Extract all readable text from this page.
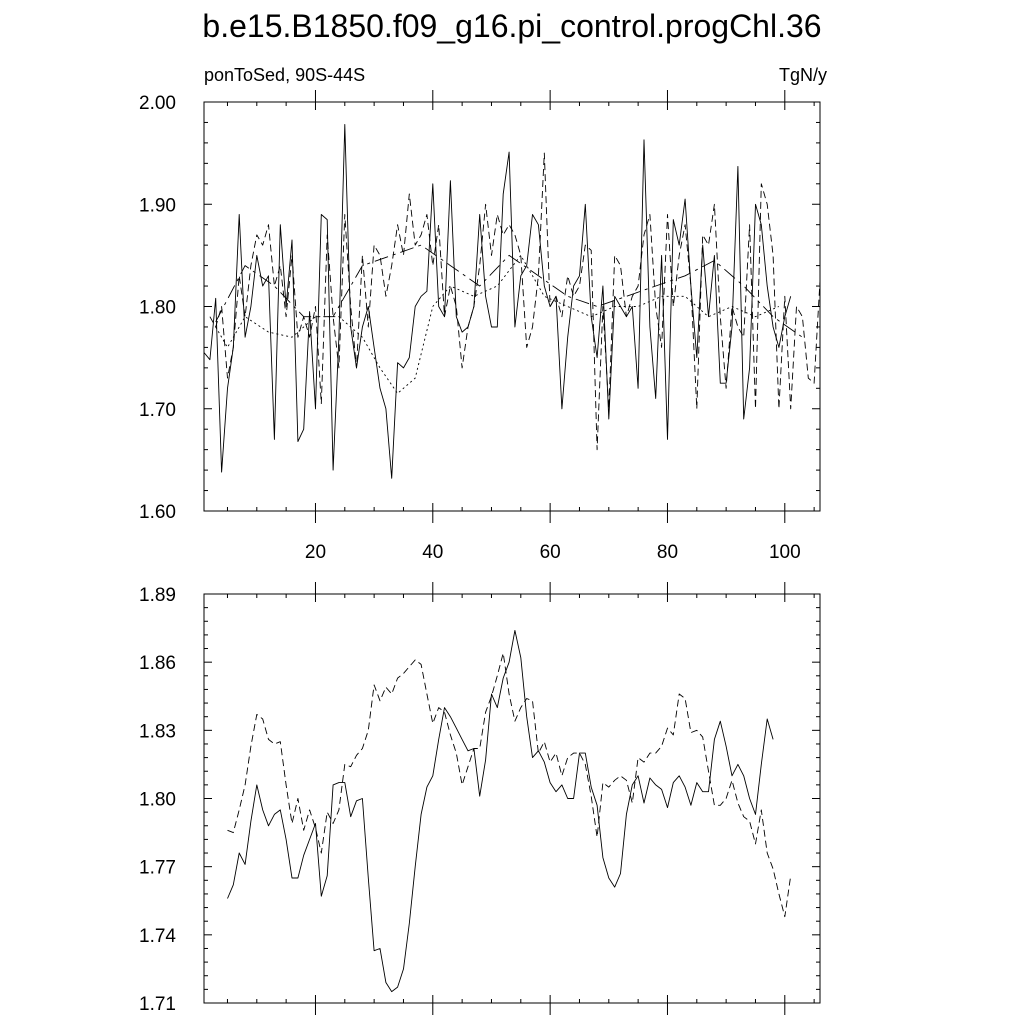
b.e15.B1850.f09_g16.pi_control.progChl.36
ponToSed, 90S-44S	TgN/y
1.60
1.70
1.80
1.90
2.00
20	40	60	80	100
1.71
1.74
1.77
1.80
1.83
1.86
1.89
